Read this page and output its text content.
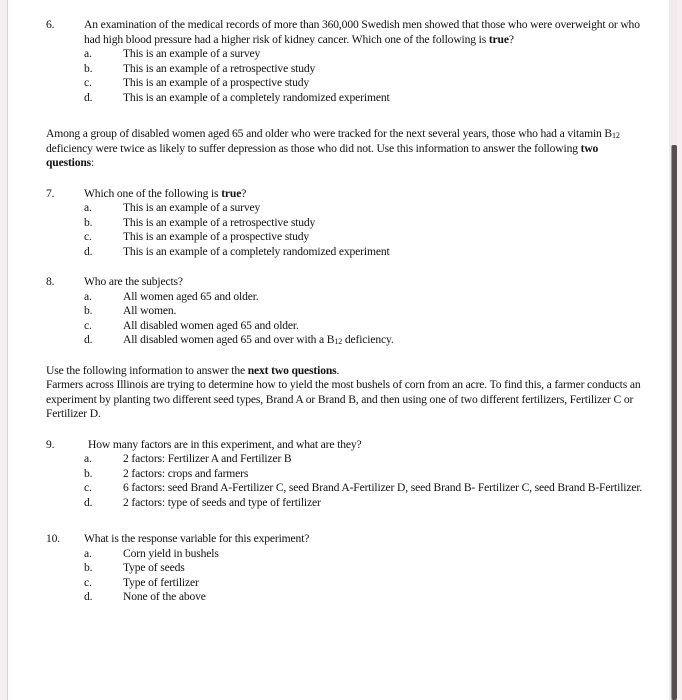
6.	An examination of the medical records of more than 360,000 Swedish men showed that those who were overweight or who had high blood pressure had a higher risk of kidney cancer. Which one of the following is true?
a.	This is an example of a survey
b.	This is an example of a retrospective study
c.	This is an example of a prospective study
d.	This is an example of a completely randomized experiment

Among a group of disabled women aged 65 and older who were tracked for the next several years, those who had a vitamin $B_{12}$ deficiency were twice as likely to suffer depression as those who did not. Use this information to answer the following two questions:

7.	Which one of the following is true?
a.	This is an example of a survey
b.	This is an example of a retrospective study
c.	This is an example of a prospective study
d.	This is an example of a completely randomized experiment
8.	Who are the subjects?
a.	All women aged 65 and older.
b.	All women.
c.	All disabled women aged 65 and older.
d.	All disabled women aged 65 and over with a $B_{12}$ deficiency.

Use the following information to answer the next two questions.

Farmers across Illinois are trying to determine how to yield the most bushels of corn from an acre. To find this, a farmer conducts an experiment by planting two different seed types, Brand A or Brand B, and then using one of two different fertilizers, Fertilizer C or Fertilizer D.

9.	How many factors are in this experiment, and what are they?
a.	2 factors: Fertilizer A and Fertilizer B
b.	2 factors: crops and farmers
c.	6 factors: seed Brand A-Fertilizer C, seed Brand A-Fertilizer D, seed Brand B- Fertilizer C, seed Brand B-Fertilizer.
d.	2 factors: type of seeds and type of fertilizer
10.	What is the response variable for this experiment?
a.	Corn yield in bushels
b.	Type of seeds
c.	Type of fertilizer
d.	None of the above
